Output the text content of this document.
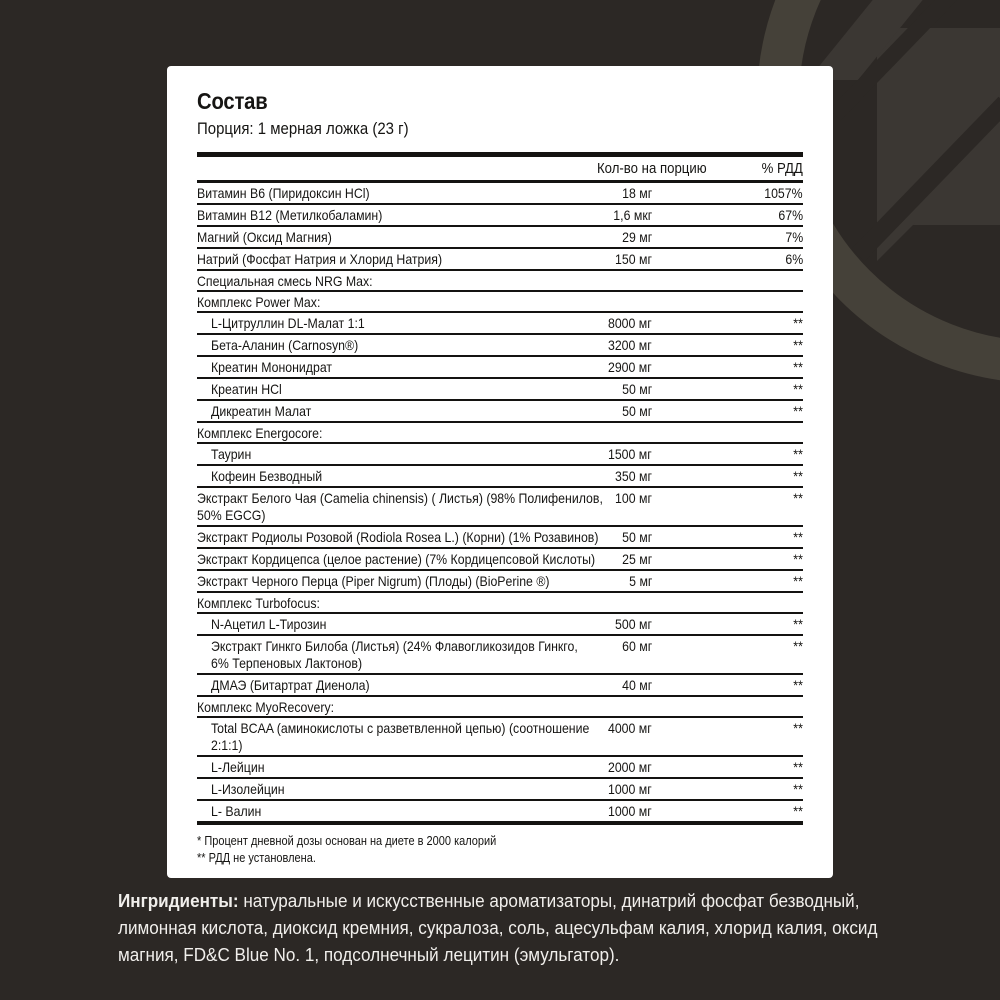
Состав
Порция: 1 мерная ложка (23 г)
	Кол-во на порцию	% РДД

Витамин B6 (Пиридоксин HCl)	18 мг	1057%

Витамин B12 (Метилкобаламин)	1,6 мкг	67%

Магний (Оксид Магния)	29 мг	7%

Натрий (Фосфат Натрия и Хлорид Натрия)	150 мг	6%
Специальная смесь NRG Max:		
Комплекс Power Max:		

L-Цитруллин DL-Малат 1:1	8000 мг	**

Бета-Аланин (Carnosyn®)	3200 мг	**

Креатин Мононидрат	2900 мг	**

Креатин HCl	50 мг	**

Дикреатин Малат	50 мг	**
Комплекс Energocore:		

Таурин	1500 мг	**

Кофеин Безводный	350 мг	**

Экстракт Белого Чая (Camelia chinensis) ( Листья) (98% Полифенилов,
50% EGCG)	100 мг	**

Экстракт Родиолы Розовой (Rodiola Rosea L.) (Корни) (1% Розавинов)	50 мг	**

Экстракт Кордицепса (целое растение) (7% Кордицепсовой Кислоты)	25 мг	**

Экстракт Черного Перца (Piper Nigrum) (Плоды) (BioPerine ®)	5 мг	**
Комплекс Turbofocus:		

N-Ацетил L-Тирозин	500 мг	**

Экстракт Гинкго Билоба (Листья) (24% Флавогликозидов Гинкго,
6% Терпеновых Лактонов)	60 мг	**

ДМАЭ (Битартрат Диенола)	40 мг	**
Комплекс MyoRecovery:		

Total BCAA (аминокислоты с разветвленной цепью) (соотношение
2:1:1)	4000 мг	**

L-Лейцин	2000 мг	**

L-Изолейцин	1000 мг	**

L- Валин	1000 мг	**
* Процент дневной дозы основан на диете в 2000 калорий
** РДД не установлена.

Ингридиенты: натуральные и искусственные ароматизаторы, динатрий фосфат безводный, лимонная кислота, диоксид кремния, сукралоза, соль, ацесульфам калия, хлорид калия, оксид магния, FD&C Blue No. 1, подсолнечный лецитин (эмульгатор).
